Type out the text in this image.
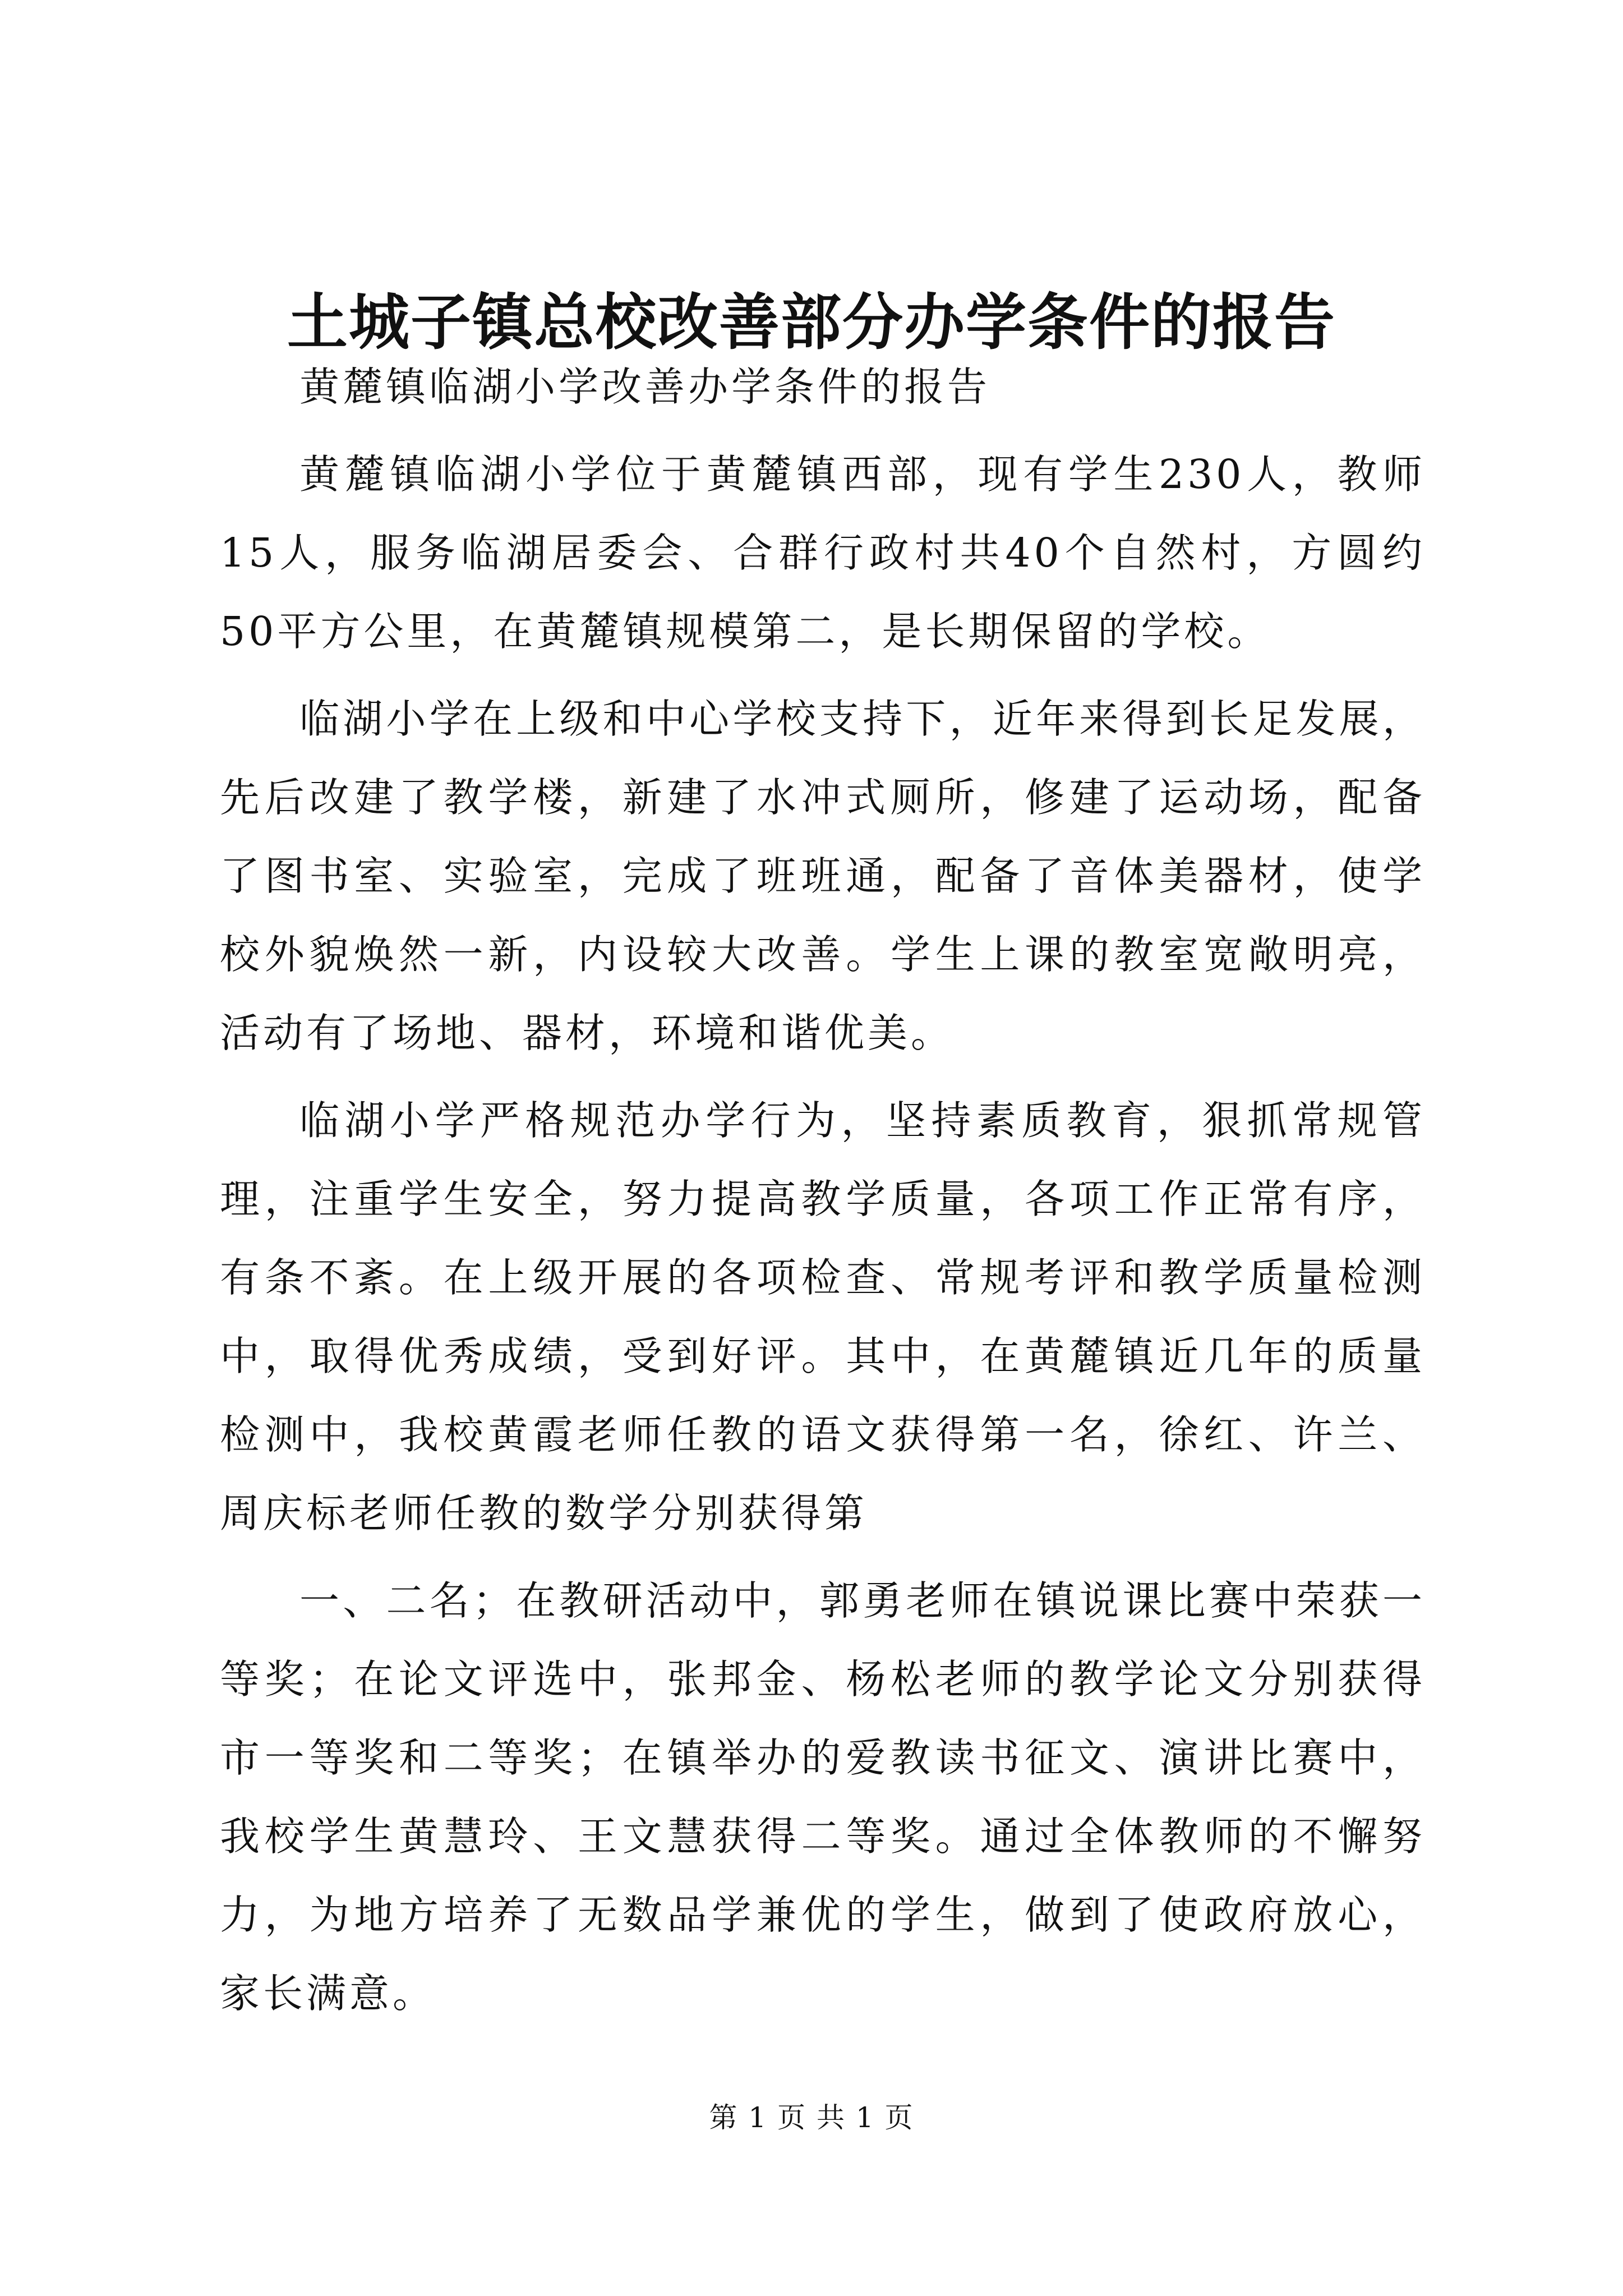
土城子镇总校改善部分办学条件的报告

黄麓镇临湖小学改善办学条件的报告

黄麓镇临湖小学位于黄麓镇西部，现有学生230人，教师15人，服务临湖居委会、合群行政村共40个自然村，方圆约50平方公里，在黄麓镇规模第二，是长期保留的学校。

临湖小学在上级和中心学校支持下，近年来得到长足发展，先后改建了教学楼，新建了水冲式厕所，修建了运动场，配备了图书室、实验室，完成了班班通，配备了音体美器材，使学校外貌焕然一新，内设较大改善。学生上课的教室宽敞明亮，活动有了场地、器材，环境和谐优美。

临湖小学严格规范办学行为，坚持素质教育，狠抓常规管理，注重学生安全，努力提高教学质量，各项工作正常有序，有条不紊。在上级开展的各项检查、常规考评和教学质量检测中，取得优秀成绩，受到好评。其中，在黄麓镇近几年的质量检测中，我校黄霞老师任教的语文获得第一名，徐红、许兰、周庆标老师任教的数学分别获得第

一、二名；在教研活动中，郭勇老师在镇说课比赛中荣获一等奖；在论文评选中，张邦金、杨松老师的教学论文分别获得市一等奖和二等奖；在镇举办的爱教读书征文、演讲比赛中，我校学生黄慧玲、王文慧获得二等奖。通过全体教师的不懈努力，为地方培养了无数品学兼优的学生，做到了使政府放心，家长满意。

第 1 页 共 1 页
